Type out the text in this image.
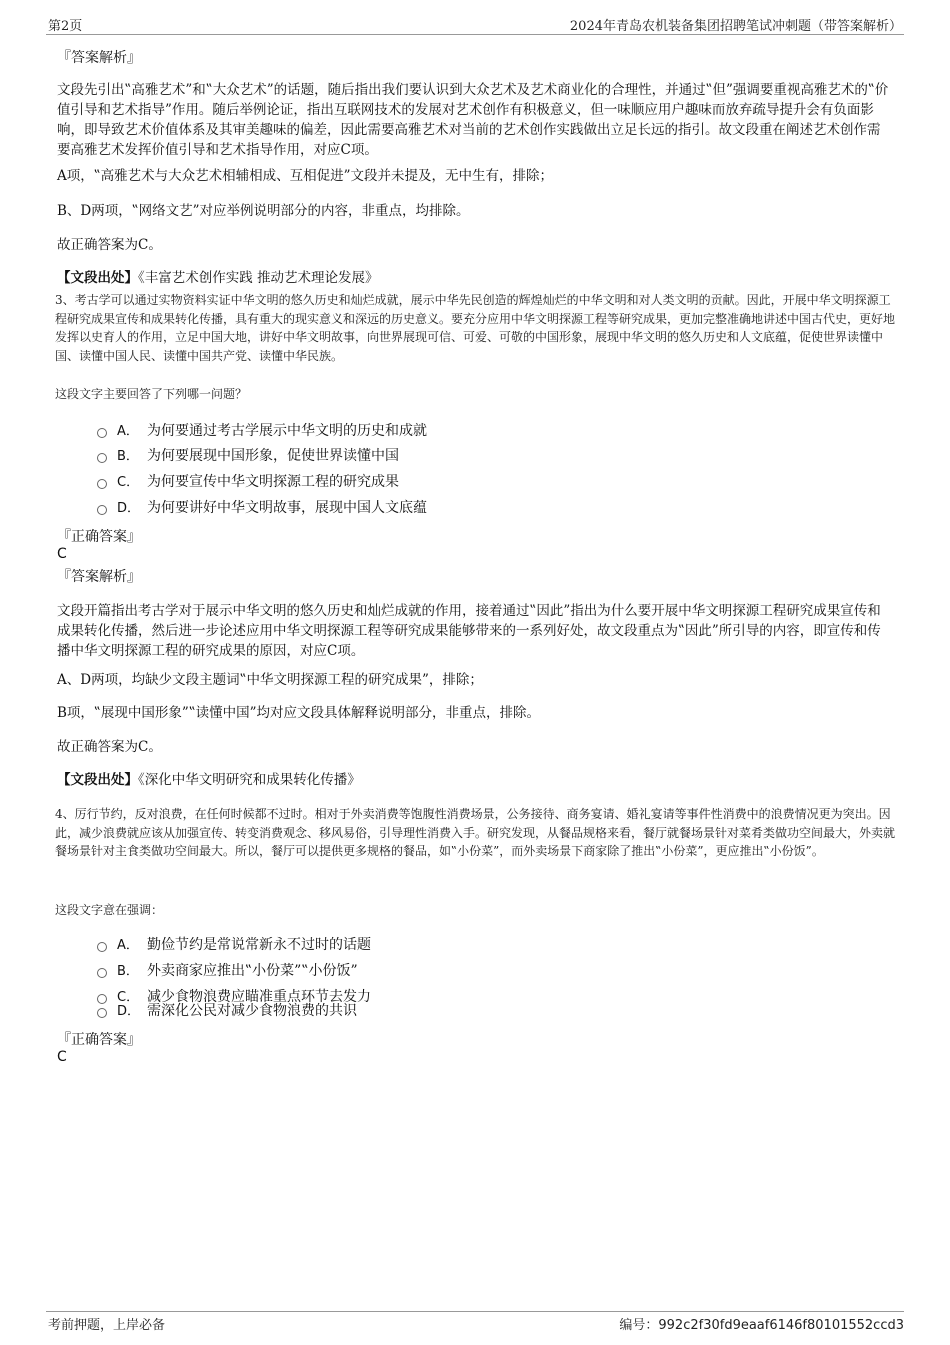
第2页	2024年青岛农机装备集团招聘笔试冲刺题（带答案解析）
『答案解析』
文段先引出‟高雅艺术”和‟大众艺术”的话题，随后指出我们要认识到大众艺术及艺术商业化的合理性，并通过‟但”强调要重视高雅艺术的‟价值引导和艺术指导”作用。随后举例论证，指出互联网技术的发展对艺术创作有积极意义，但一味顺应用户趣味而放弃疏导提升会有负面影响，即导致艺术价值体系及其审美趣味的偏差，因此需要高雅艺术对当前的艺术创作实践做出立足长远的指引。故文段重在阐述艺术创作需要高雅艺术发挥价值引导和艺术指导作用，对应C项。
A项，‟高雅艺术与大众艺术相辅相成、互相促进”文段并未提及，无中生有，排除；
B、D两项，‟网络文艺”对应举例说明部分的内容，非重点，均排除。
故正确答案为C。
【文段出处】《丰富艺术创作实践 推动艺术理论发展》
3、考古学可以通过实物资料实证中华文明的悠久历史和灿烂成就，展示中华先民创造的辉煌灿烂的中华文明和对人类文明的贡献。因此，开展中华文明探源工程研究成果宣传和成果转化传播，具有重大的现实意义和深远的历史意义。要充分应用中华文明探源工程等研究成果，更加完整准确地讲述中国古代史，更好地发挥以史育人的作用，立足中国大地，讲好中华文明故事，向世界展现可信、可爱、可敬的中国形象，展现中华文明的悠久历史和人文底蕴，促使世界读懂中国、读懂中国人民、读懂中国共产党、读懂中华民族。
这段文字主要回答了下列哪一问题？
A． 为何要通过考古学展示中华文明的历史和成就
B． 为何要展现中国形象，促使世界读懂中国
C． 为何要宣传中华文明探源工程的研究成果
D． 为何要讲好中华文明故事，展现中国人文底蕴
『正确答案』
C
『答案解析』
文段开篇指出考古学对于展示中华文明的悠久历史和灿烂成就的作用，接着通过‟因此”指出为什么要开展中华文明探源工程研究成果宣传和成果转化传播，然后进一步论述应用中华文明探源工程等研究成果能够带来的一系列好处，故文段重点为‟因此”所引导的内容，即宣传和传播中华文明探源工程的研究成果的原因，对应C项。
A、D两项，均缺少文段主题词‟中华文明探源工程的研究成果”，排除；
B项，‟展现中国形象”‟读懂中国”均对应文段具体解释说明部分，非重点，排除。
故正确答案为C。
【文段出处】《深化中华文明研究和成果转化传播》
4、厉行节约，反对浪费，在任何时候都不过时。相对于外卖消费等饱腹性消费场景，公务接待、商务宴请、婚礼宴请等事件性消费中的浪费情况更为突出。因此，减少浪费就应该从加强宣传、转变消费观念、移风易俗，引导理性消费入手。研究发现，从餐品规格来看，餐厅就餐场景针对菜肴类做功空间最大，外卖就餐场景针对主食类做功空间最大。所以，餐厅可以提供更多规格的餐品，如‟小份菜”，而外卖场景下商家除了推出‟小份菜”，更应推出‟小份饭”。
这段文字意在强调：
A． 勤俭节约是常说常新永不过时的话题
B． 外卖商家应推出‟小份菜”‟小份饭”
C． 减少食物浪费应瞄准重点环节去发力
D． 需深化公民对减少食物浪费的共识
『正确答案』
C
考前押题，上岸必备	编号：992c2f30fd9eaaf6146f80101552ccd3
